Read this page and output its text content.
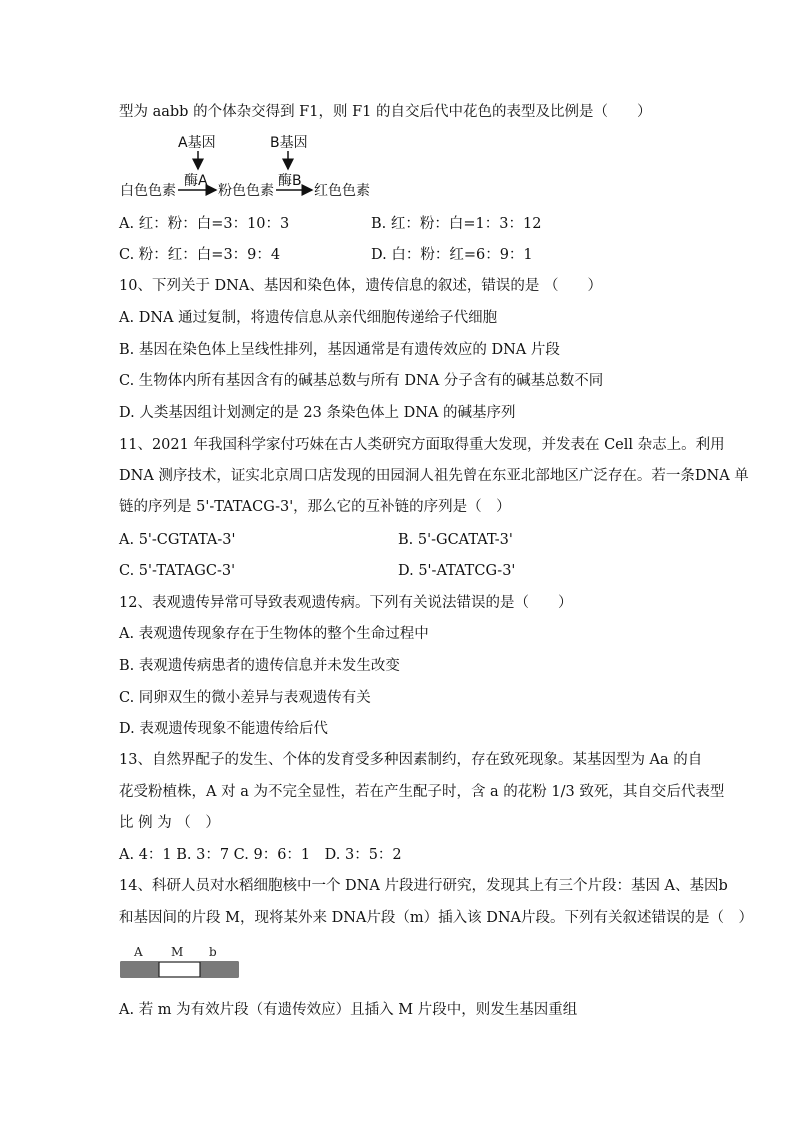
型为 aabb 的个体杂交得到 F1，则 F1 的自交后代中花色的表型及比例是（　　）
A基因	B基因
酶A	酶B
白色色素	粉色色素	红色色素
A. 红：粉：白=3：10：3	B. 红：粉：白=1：3：12
C. 粉：红：白=3：9：4	D. 白：粉：红=6：9：1
10、下列关于 DNA、基因和染色体，遗传信息的叙述，错误的是 （　　）
A. DNA 通过复制，将遗传信息从亲代细胞传递给子代细胞
B. 基因在染色体上呈线性排列，基因通常是有遗传效应的 DNA 片段
C. 生物体内所有基因含有的碱基总数与所有 DNA 分子含有的碱基总数不同
D. 人类基因组计划测定的是 23 条染色体上 DNA 的碱基序列
11、2021 年我国科学家付巧妹在古人类研究方面取得重大发现，并发表在 Cell 杂志上。利用
DNA 测序技术，证实北京周口店发现的田园洞人祖先曾在东亚北部地区广泛存在。若一条DNA 单
链的序列是 5'-TATACG-3'，那么它的互补链的序列是（　）
A. 5'-CGTATA-3'	B. 5'-GCATAT-3'
C. 5'-TATAGC-3'	D. 5'-ATATCG-3'
12、表观遗传异常可导致表观遗传病。下列有关说法错误的是（　　）
A. 表观遗传现象存在于生物体的整个生命过程中
B. 表观遗传病患者的遗传信息并未发生改变
C. 同卵双生的微小差异与表观遗传有关
D. 表观遗传现象不能遗传给后代
13、自然界配子的发生、个体的发育受多种因素制约，存在致死现象。某基因型为 Aa 的自
花受粉植株，A 对 a 为不完全显性，若在产生配子时，含 a 的花粉 1/3 致死，其自交后代表型
比 例 为 （　）
A. 4：1 B. 3：7 C. 9：6：1　D. 3：5：2
14、科研人员对水稻细胞核中一个 DNA 片段进行研究，发现其上有三个片段：基因 A、基因b
和基因间的片段 M，现将某外来 DNA片段（m）插入该 DNA片段。下列有关叙述错误的是（　）
A M b
A. 若 m 为有效片段（有遗传效应）且插入 M 片段中，则发生基因重组
